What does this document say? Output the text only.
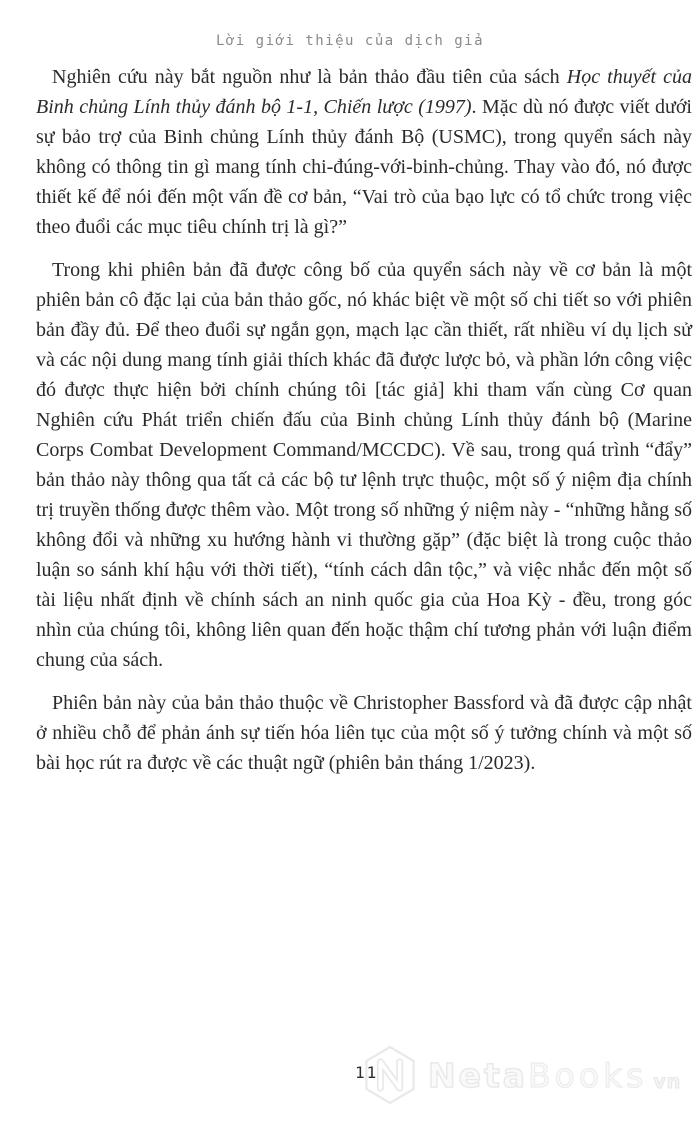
Lời giới thiệu của dịch giả

Nghiên cứu này bắt nguồn như là bản thảo đầu tiên của sách Học thuyết của Binh chủng Lính thủy đánh bộ 1-1, Chiến lược (1997). Mặc dù nó được viết dưới sự bảo trợ của Binh chủng Lính thủy đánh Bộ (USMC), trong quyển sách này không có thông tin gì mang tính chi-đúng-với-binh-chủng. Thay vào đó, nó được thiết kế để nói đến một vấn đề cơ bản, “Vai trò của bạo lực có tổ chức trong việc theo đuổi các mục tiêu chính trị là gì?”

Trong khi phiên bản đã được công bố của quyển sách này về cơ bản là một phiên bản cô đặc lại của bản thảo gốc, nó khác biệt về một số chi tiết so với phiên bản đầy đủ. Để theo đuổi sự ngắn gọn, mạch lạc cần thiết, rất nhiều ví dụ lịch sử và các nội dung mang tính giải thích khác đã được lược bỏ, và phần lớn công việc đó được thực hiện bởi chính chúng tôi [tác giả] khi tham vấn cùng Cơ quan Nghiên cứu Phát triển chiến đấu của Binh chủng Lính thủy đánh bộ (Marine Corps Combat Development Command/MCCDC). Về sau, trong quá trình “đẩy” bản thảo này thông qua tất cả các bộ tư lệnh trực thuộc, một số ý niệm địa chính trị truyền thống được thêm vào. Một trong số những ý niệm này - “những hằng số không đổi và những xu hướng hành vi thường gặp” (đặc biệt là trong cuộc thảo luận so sánh khí hậu với thời tiết), “tính cách dân tộc,” và việc nhắc đến một số tài liệu nhất định về chính sách an ninh quốc gia của Hoa Kỳ - đều, trong góc nhìn của chúng tôi, không liên quan đến hoặc thậm chí tương phản với luận điểm chung của sách.

Phiên bản này của bản thảo thuộc về Christopher Bassford và đã được cập nhật ở nhiều chỗ để phản ánh sự tiến hóa liên tục của một số ý tưởng chính và một số bài học rút ra được về các thuật ngữ (phiên bản tháng 1/2023).

11 NetaBooks vn
